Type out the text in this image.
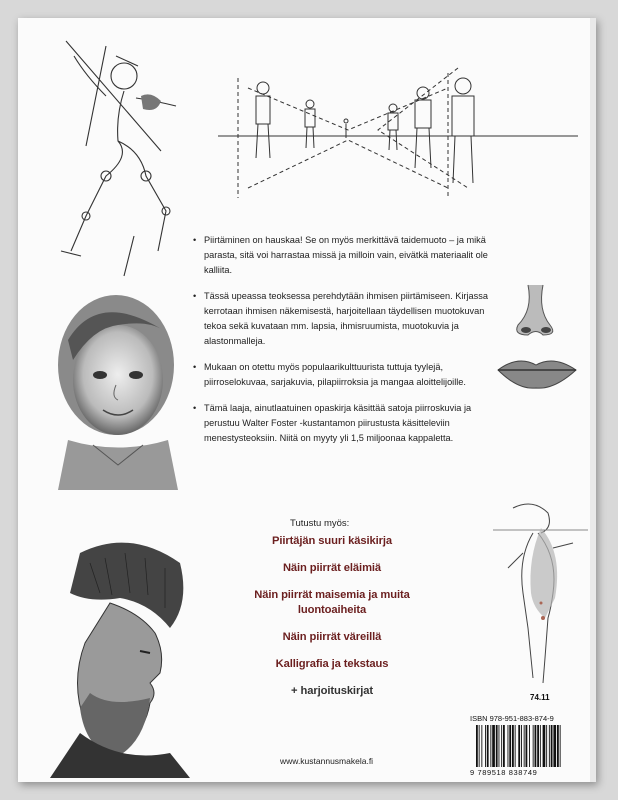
• Piirtäminen on hauskaa! Se on myös merkittävä taidemuoto – ja mikä parasta, sitä voi harrastaa missä ja milloin vain, eivätkä materiaalit ole kalliita.
• Tässä upeassa teoksessa perehdytään ihmisen piirtämiseen. Kirjassa kerrotaan ihmisen näkemisestä, harjoitellaan täydellisen muotokuvan tekoa sekä kuvataan mm. lapsia, ihmisruumista, muotokuvia ja alastonmalleja.
• Mukaan on otettu myös populaarikulttuurista tuttuja tyylejä, piirroselokuvaa, sarjakuvia, pilapiirroksia ja mangaa aloittelijoille.
• Tämä laaja, ainutlaatuinen opaskirja käsittää satoja piirroskuvia ja perustuu Walter Foster -kustantamon piirustusta käsitteleviin menestysteoksiin. Niitä on myyty yli 1,5 miljoonaa kappaletta.
Tutustu myös:
Piirtäjän suuri käsikirja
Näin piirrät eläimiä
Näin piirrät maisemia ja muita luontoaiheita
Näin piirrät väreillä
Kalligrafia ja tekstaus
+ harjoituskirjat
74.11
ISBN 978-951-883-874-9
9 789518 838749
www.kustannusmakela.fi
